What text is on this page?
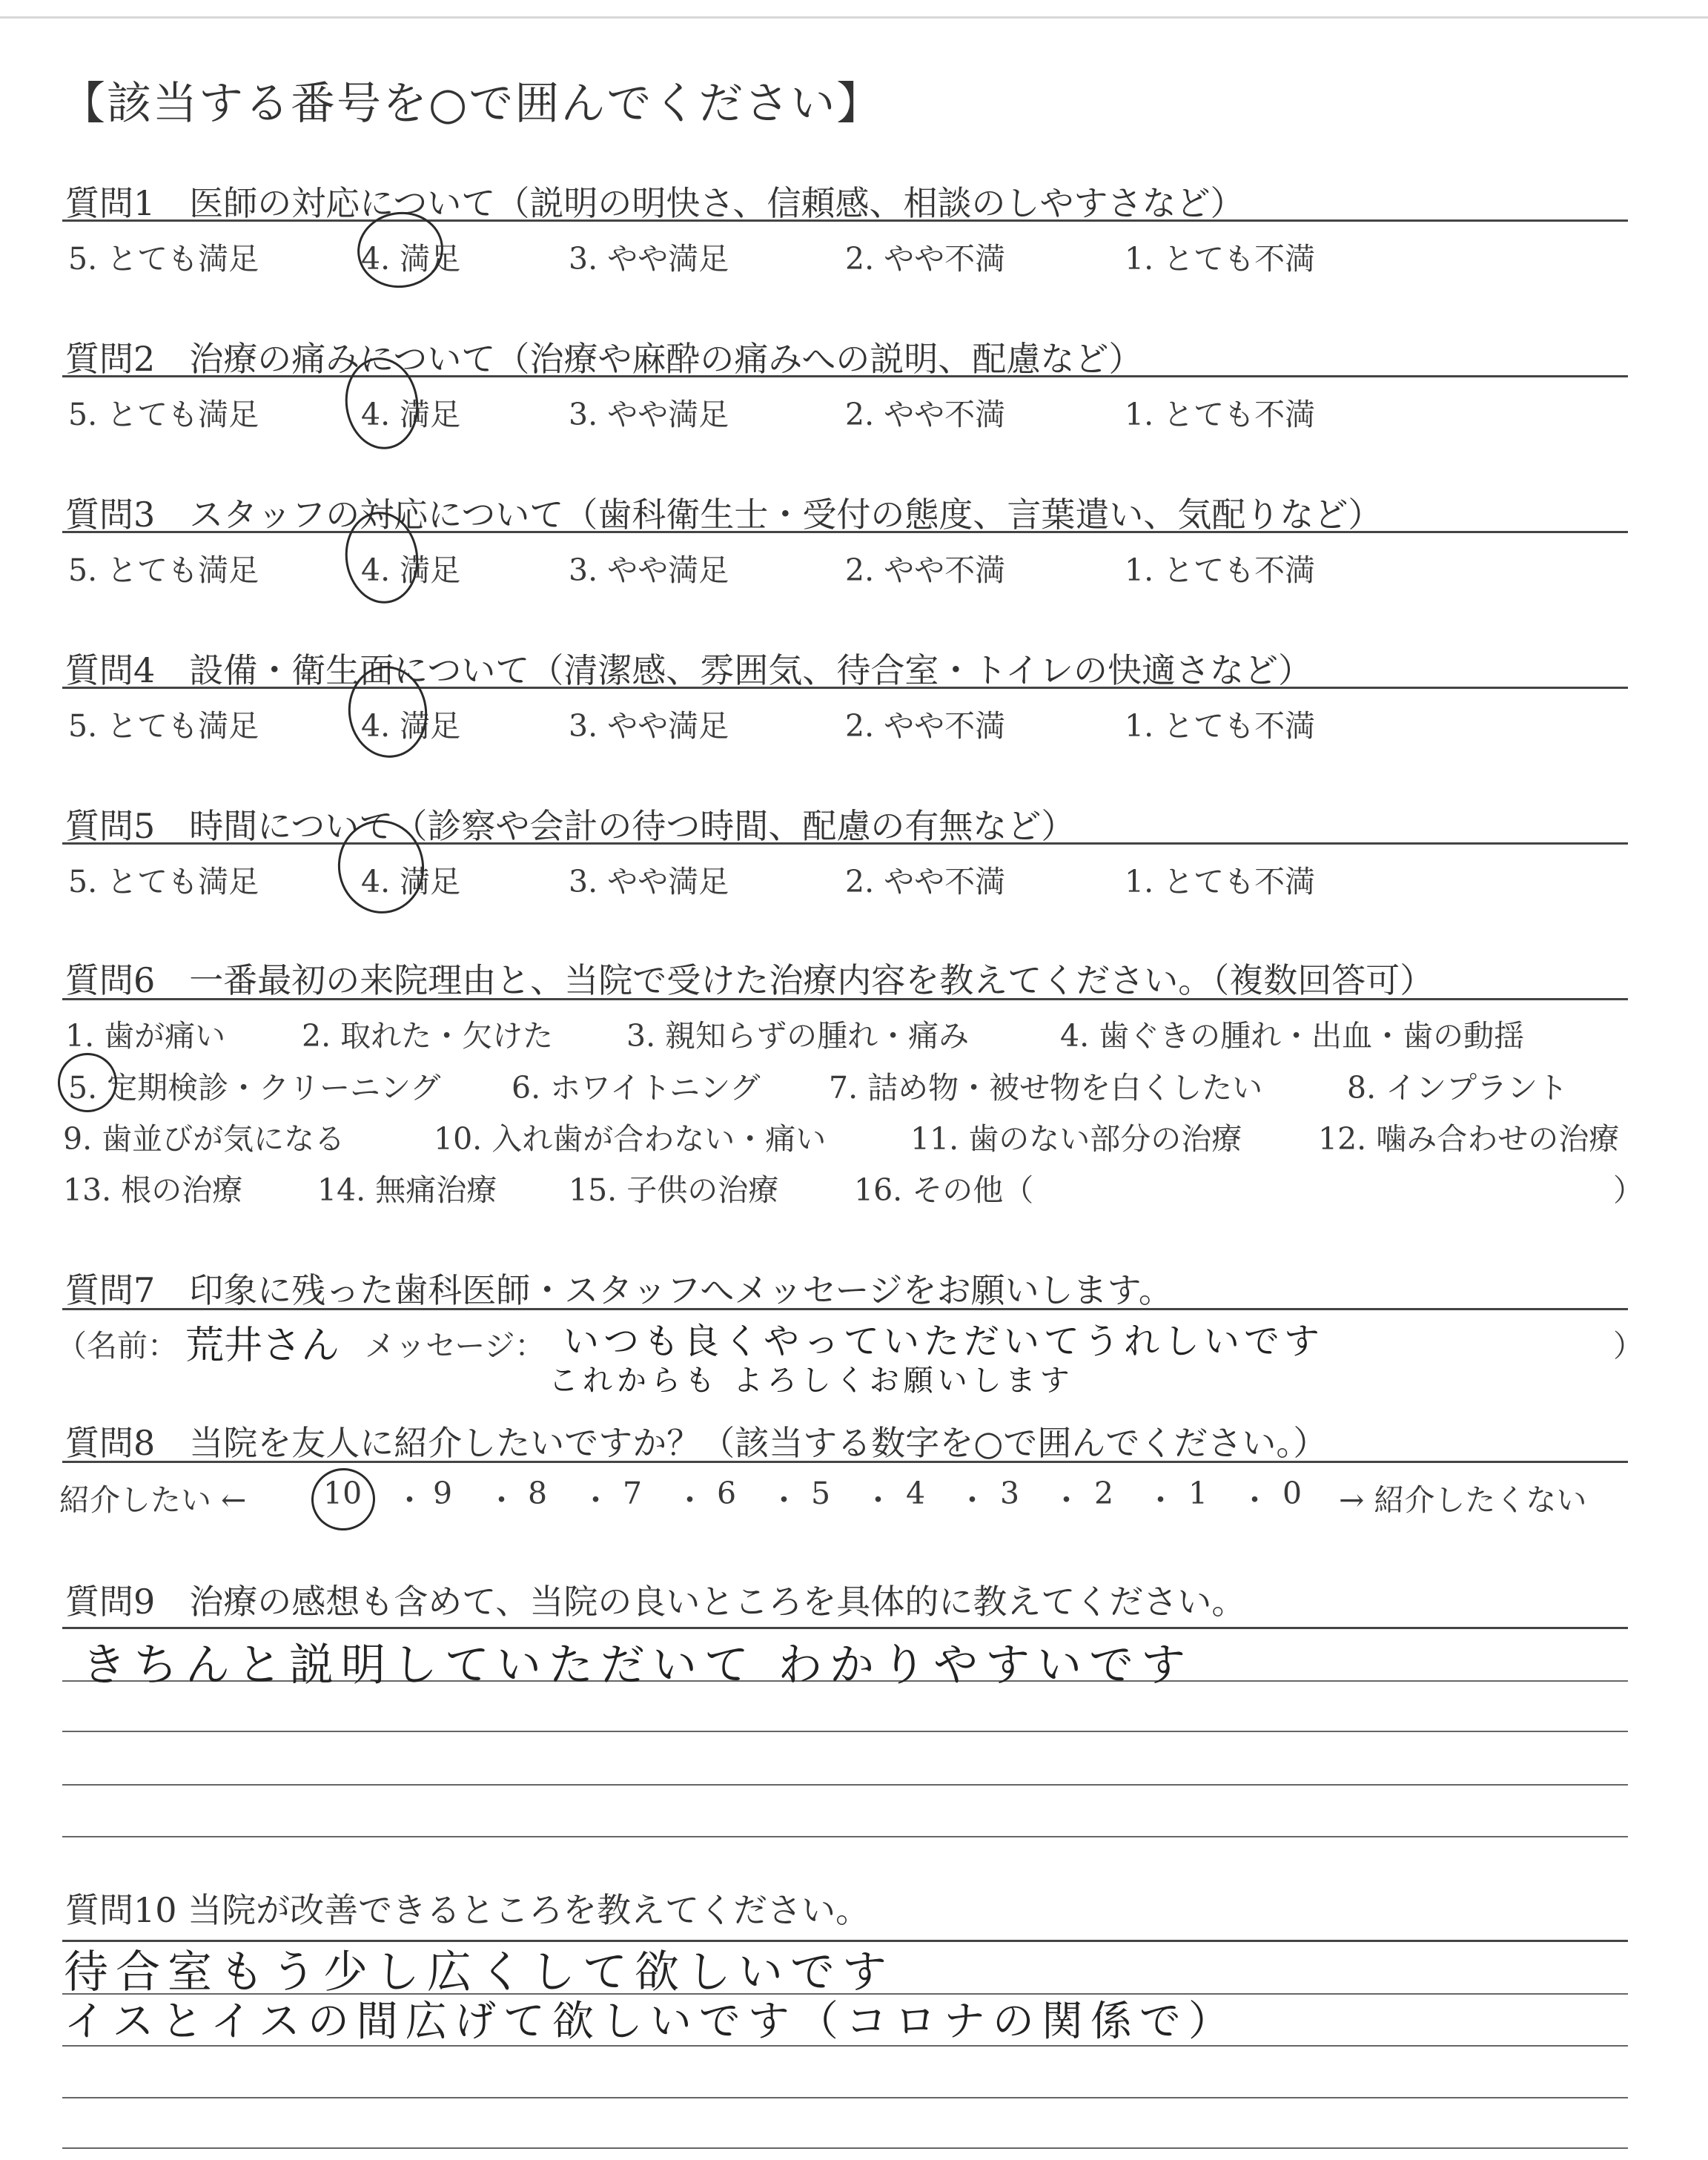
【該当する番号を○で囲んでください】
質問1　医師の対応について（説明の明快さ、信頼感、相談のしやすさなど）
5. とても満足	4. 満足	3. やや満足	2. やや不満	1. とても不満
質問2　治療の痛みについて（治療や麻酔の痛みへの説明、配慮など）
5. とても満足	4. 満足	3. やや満足	2. やや不満	1. とても不満
質問3　スタッフの対応について（歯科衛生士・受付の態度、言葉遣い、気配りなど）
5. とても満足	4. 満足	3. やや満足	2. やや不満	1. とても不満
質問4　設備・衛生面について（清潔感、雰囲気、待合室・トイレの快適さなど）
5. とても満足	4. 満足	3. やや満足	2. やや不満	1. とても不満
質問5　時間について（診察や会計の待つ時間、配慮の有無など）
5. とても満足	4. 満足	3. やや満足	2. やや不満	1. とても不満
質問6　一番最初の来院理由と、当院で受けた治療内容を教えてください。（複数回答可）
1. 歯が痛い	2. 取れた・欠けた 3. 親知らずの腫れ・痛み	4. 歯ぐきの腫れ・出血・歯の動揺
5. 定期検診・クリーニング 6. ホワイトニング 7. 詰め物・被せ物を白くしたい	8. インプラント
9. 歯並びが気になる	10. 入れ歯が合わない・痛い	11. 歯のない部分の治療	12. 噛み合わせの治療
13. 根の治療 14. 無痛治療 15. 子供の治療 16. その他（	）
質問7　印象に残った歯科医師・スタッフへメッセージをお願いします。
（名前： 荒井さん メッセージ： いつも良くやっていただいてうれしいです
これからも よろしくお願いします
）
質問8　当院を友人に紹介したいですか？（該当する数字を○で囲んでください。）
紹介したい ←	10 ・ 9 ・ 8 ・ 7 ・ 6 ・ 5 ・ 4 ・ 3 ・ 2 ・ 1 ・ 0 → 紹介したくない
質問9　治療の感想も含めて、当院の良いところを具体的に教えてください。
きちんと説明していただいて わかりやすいです
質問10 当院が改善できるところを教えてください。
待合室もう少し広くして欲しいです
イスとイスの間広げて欲しいです（コロナの関係で）
